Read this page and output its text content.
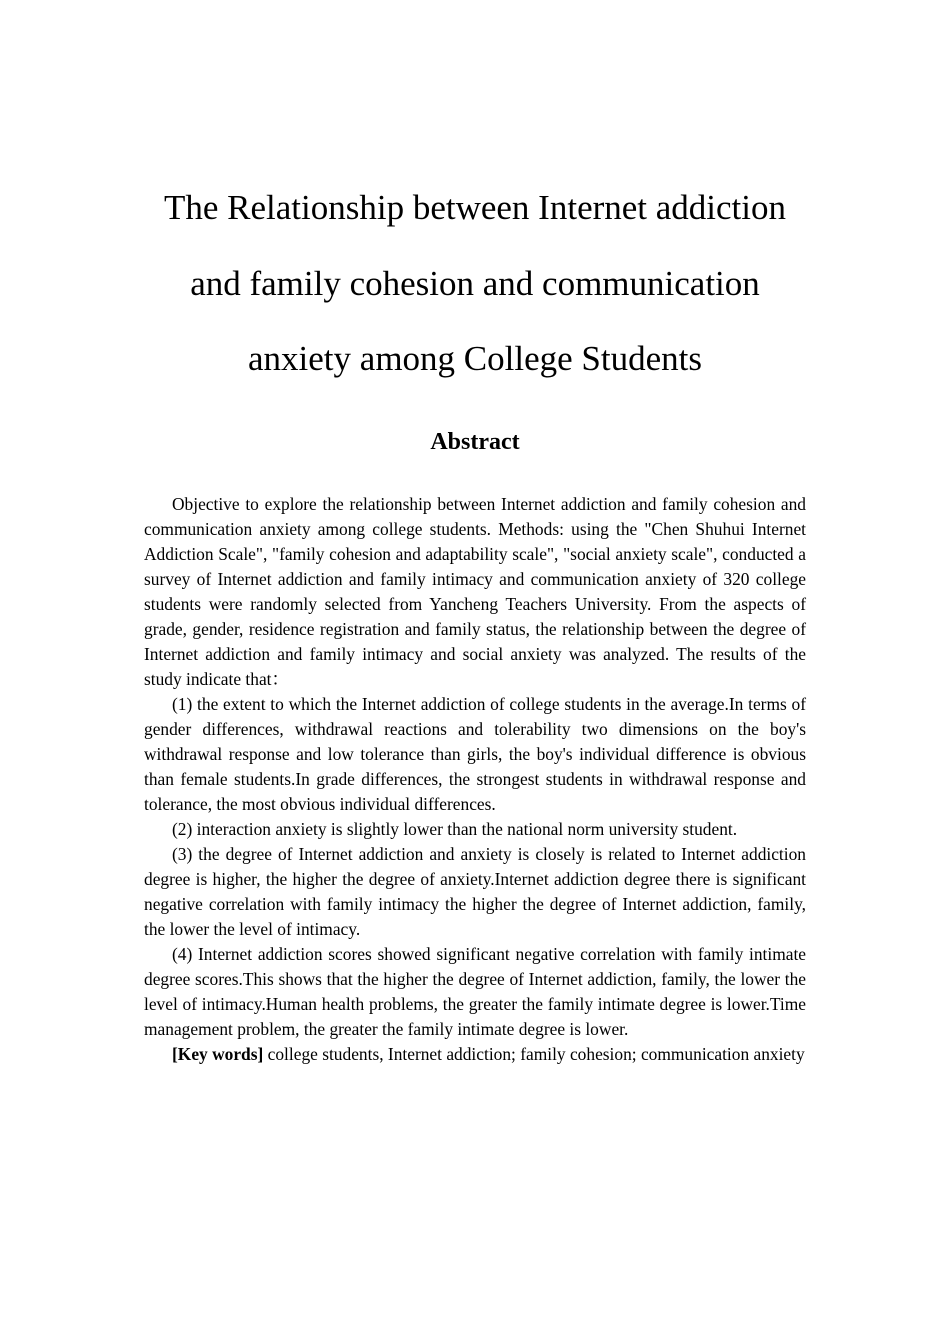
The Relationship between Internet addiction
and family cohesion and communication
anxiety among College Students
Abstract

Objective to explore the relationship between Internet addiction and family cohesion and communication anxiety among college students. Methods: using the "Chen Shuhui Internet Addiction Scale", "family cohesion and adaptability scale", "social anxiety scale", conducted a survey of Internet addiction and family intimacy and communication anxiety of 320 college students were randomly selected from Yancheng Teachers University. From the aspects of grade, gender, residence registration and family status, the relationship between the degree of Internet addiction and family intimacy and social anxiety was analyzed. The results of the study indicate that：

(1) the extent to which the Internet addiction of college students in the average.In terms of gender differences, withdrawal reactions and tolerability two dimensions on the boy's withdrawal response and low tolerance than girls, the boy's individual difference is obvious than female students.In grade differences, the strongest students in withdrawal response and tolerance, the most obvious individual differences.

(2) interaction anxiety is slightly lower than the national norm university student.

(3) the degree of Internet addiction and anxiety is closely is related to Internet addiction degree is higher, the higher the degree of anxiety.Internet addiction degree there is significant negative correlation with family intimacy the higher the degree of Internet addiction, family, the lower the level of intimacy.

(4) Internet addiction scores showed significant negative correlation with family intimate degree scores.This shows that the higher the degree of Internet addiction, family, the lower the level of intimacy.Human health problems, the greater the family intimate degree is lower.Time management problem, the greater the family intimate degree is lower.

[Key words] college students, Internet addiction; family cohesion; communication anxiety
